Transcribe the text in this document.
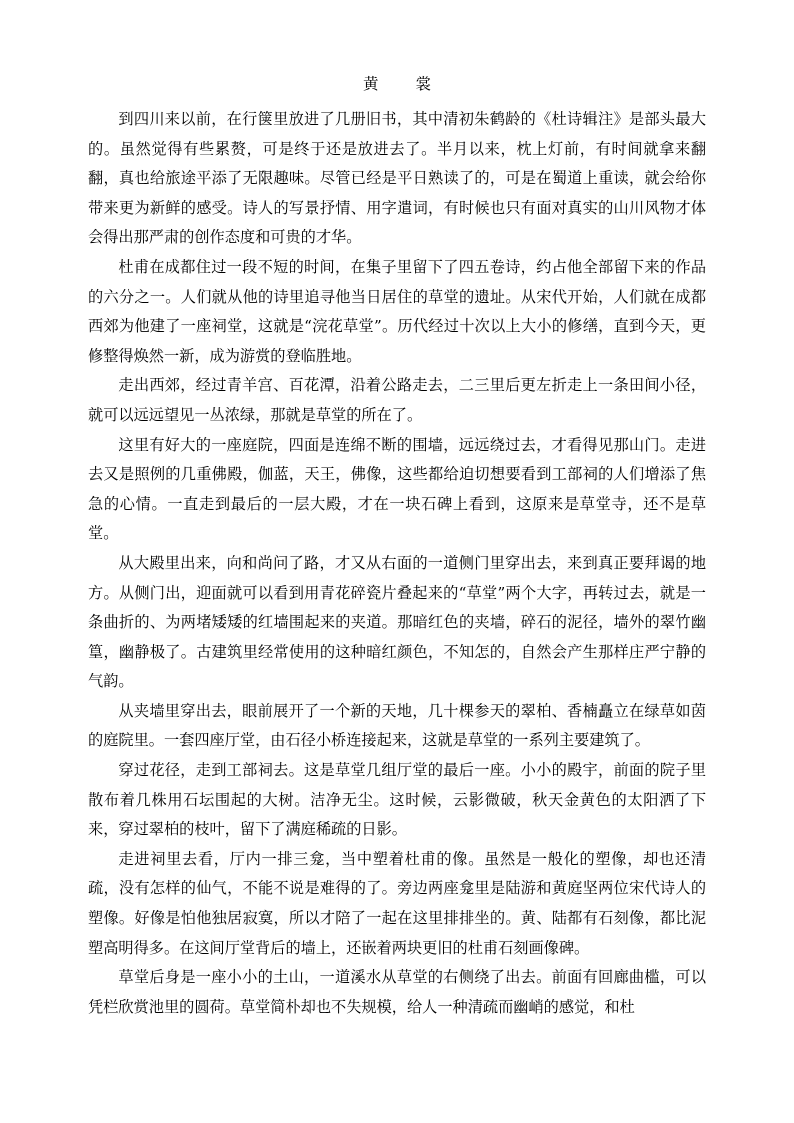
黄 裳

到四川来以前，在行箧里放进了几册旧书，其中清初朱鹤龄的《杜诗辑注》是部头最大的。虽然觉得有些累赘，可是终于还是放进去了。半月以来，枕上灯前，有时间就拿来翻翻，真也给旅途平添了无限趣味。尽管已经是平日熟读了的，可是在蜀道上重读，就会给你带来更为新鲜的感受。诗人的写景抒情、用字遣词，有时候也只有面对真实的山川风物才体会得出那严肃的创作态度和可贵的才华。

杜甫在成都住过一段不短的时间，在集子里留下了四五卷诗，约占他全部留下来的作品的六分之一。人们就从他的诗里追寻他当日居住的草堂的遗址。从宋代开始，人们就在成都西郊为他建了一座祠堂，这就是“浣花草堂”。历代经过十次以上大小的修缮，直到今天，更修整得焕然一新，成为游赏的登临胜地。

走出西郊，经过青羊宫、百花潭，沿着公路走去，二三里后更左折走上一条田间小径，就可以远远望见一丛浓绿，那就是草堂的所在了。

这里有好大的一座庭院，四面是连绵不断的围墙，远远绕过去，才看得见那山门。走进去又是照例的几重佛殿，伽蓝，天王，佛像，这些都给迫切想要看到工部祠的人们增添了焦急的心情。一直走到最后的一层大殿，才在一块石碑上看到，这原来是草堂寺，还不是草堂。

从大殿里出来，向和尚问了路，才又从右面的一道侧门里穿出去，来到真正要拜谒的地方。从侧门出，迎面就可以看到用青花碎瓷片叠起来的“草堂”两个大字，再转过去，就是一条曲折的、为两堵矮矮的红墙围起来的夹道。那暗红色的夹墙，碎石的泥径，墙外的翠竹幽篁，幽静极了。古建筑里经常使用的这种暗红颜色，不知怎的，自然会产生那样庄严宁静的气韵。

从夹墙里穿出去，眼前展开了一个新的天地，几十棵参天的翠柏、香楠矗立在绿草如茵的庭院里。一套四座厅堂，由石径小桥连接起来，这就是草堂的一系列主要建筑了。

穿过花径，走到工部祠去。这是草堂几组厅堂的最后一座。小小的殿宇，前面的院子里散布着几株用石坛围起的大树。洁净无尘。这时候，云影微破，秋天金黄色的太阳洒了下来，穿过翠柏的枝叶，留下了满庭稀疏的日影。

走进祠里去看，厅内一排三龛，当中塑着杜甫的像。虽然是一般化的塑像，却也还清疏，没有怎样的仙气，不能不说是难得的了。旁边两座龛里是陆游和黄庭坚两位宋代诗人的塑像。好像是怕他独居寂寞，所以才陪了一起在这里排排坐的。黄、陆都有石刻像，都比泥塑高明得多。在这间厅堂背后的墙上，还嵌着两块更旧的杜甫石刻画像碑。

草堂后身是一座小小的土山，一道溪水从草堂的右侧绕了出去。前面有回廊曲槛，可以凭栏欣赏池里的圆荷。草堂简朴却也不失规模，给人一种清疏而幽峭的感觉，和杜
